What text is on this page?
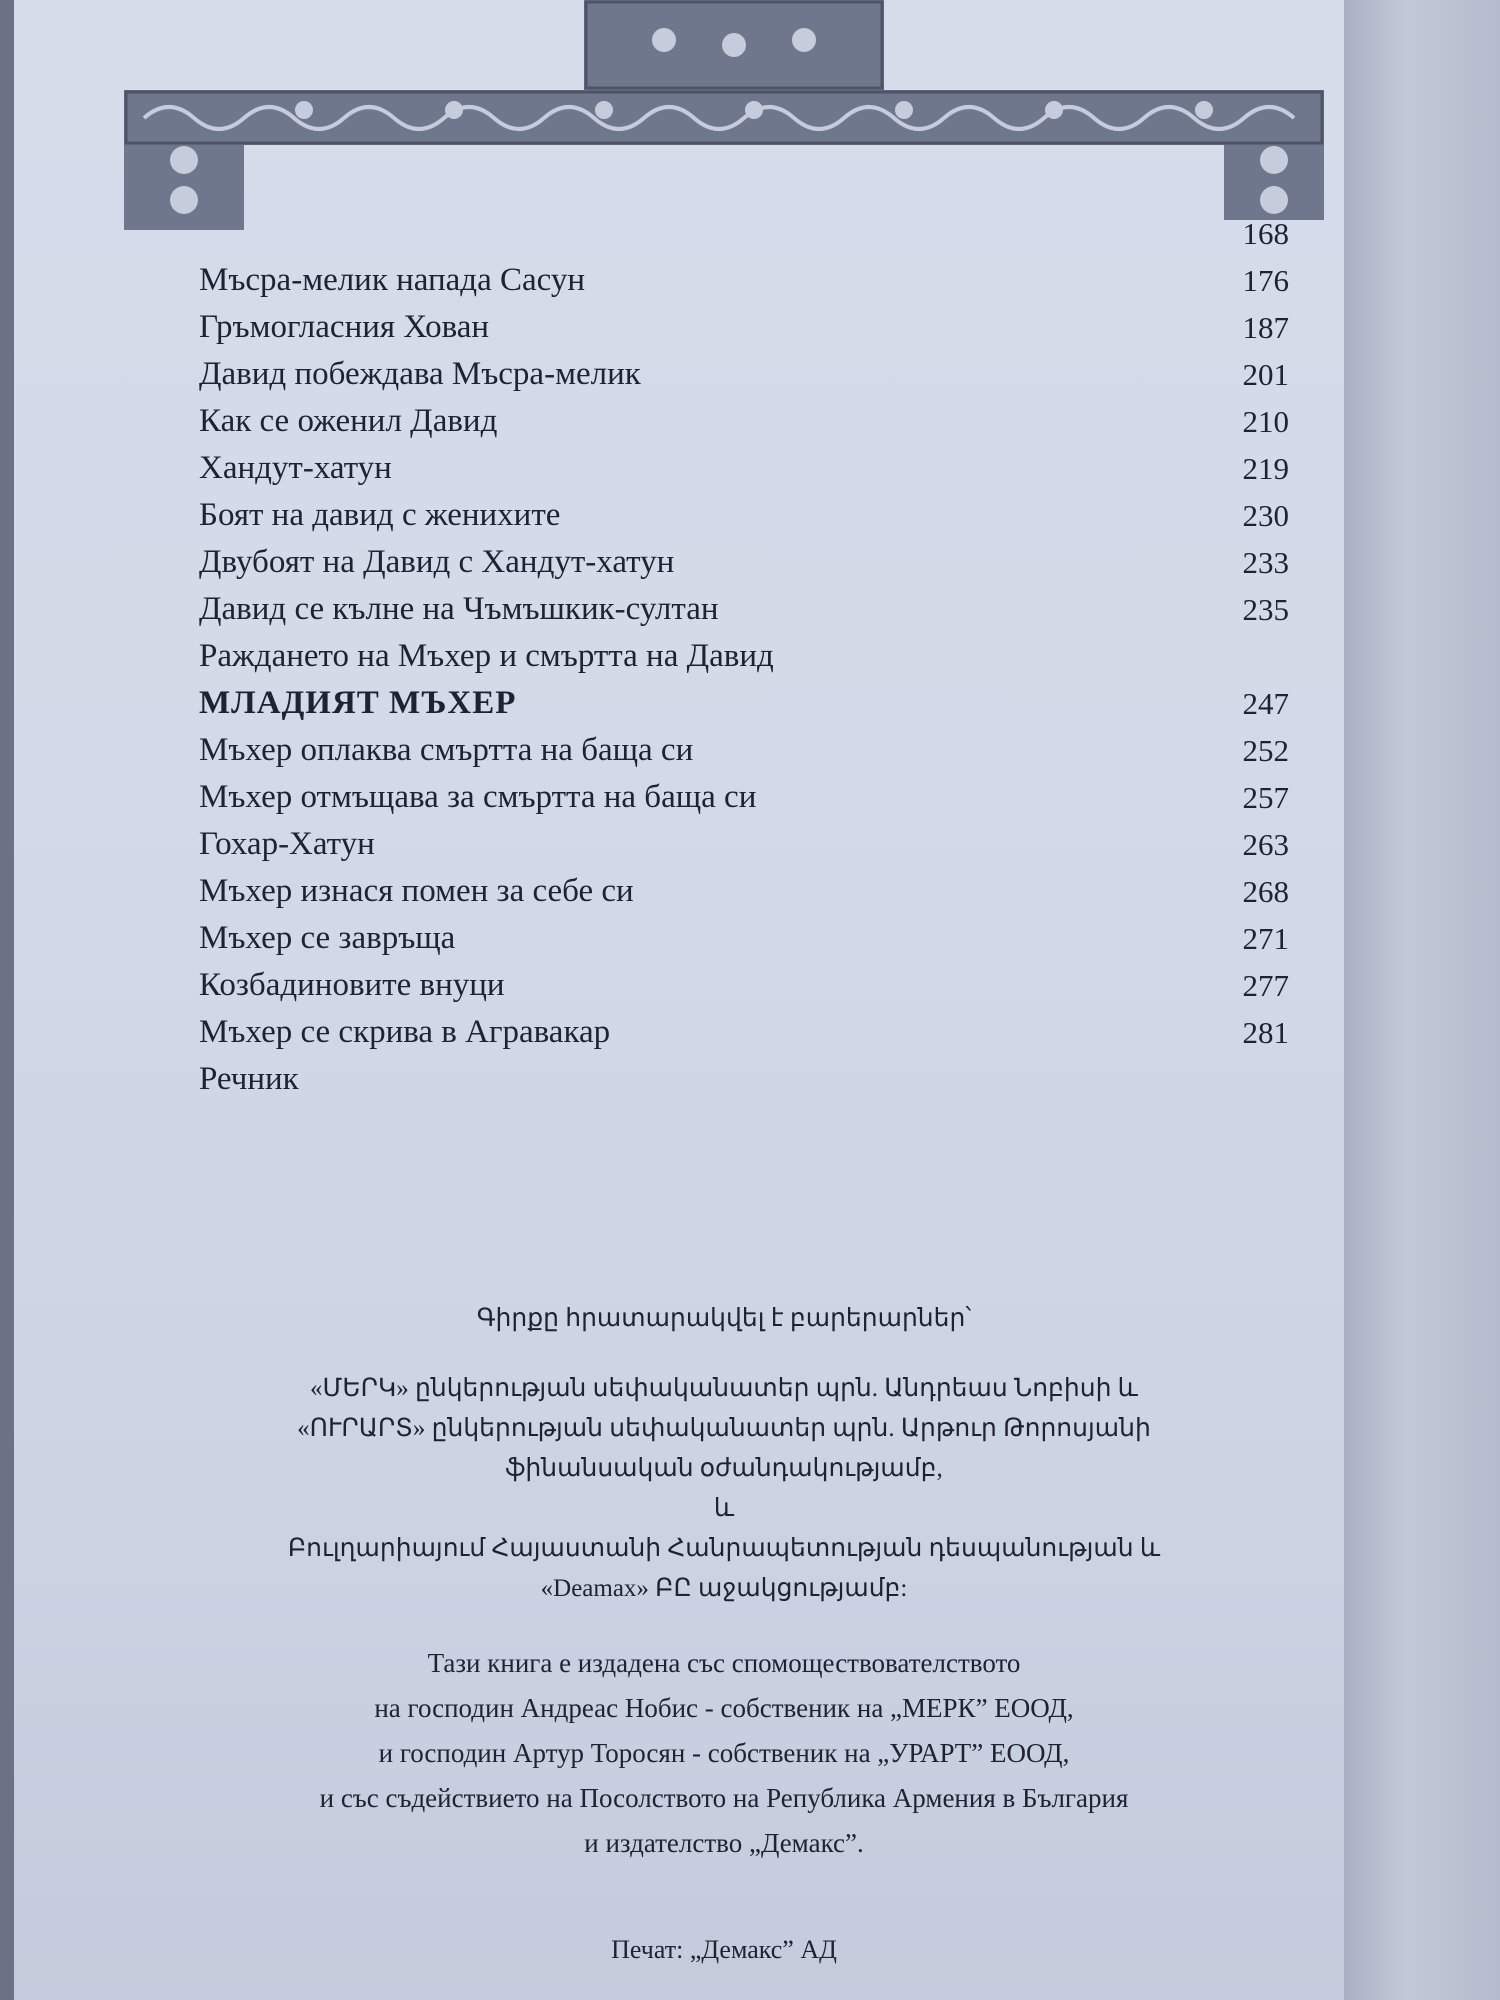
168
Мъсра-мелик напада Сасун	176
Гръмогласния Хован	187
Давид побеждава Мъсра-мелик	201
Как се оженил Давид	210
Хандут-хатун	219
Боят на давид с женихите	230
Двубоят на Давид с Хандут-хатун	233
Давид се кълне на Чъмъшкик-султан	235
Раждането на Мъхер и смъртта на Давид
МЛАДИЯТ МЪХЕР	247
Мъхер оплаква смъртта на баща си	252
Мъхер отмъщава за смъртта на баща си	257
Гохар-Хатун	263
Мъхер изнася помен за себе си	268
Мъхер се завръща	271
Козбадиновите внуци	277
Мъхер се скрива в Агравакар	281
Речник
Գիրքը հրատարակվել է բարերարներ՝
«ՄԵՐԿ» ընկերության սեփականատեր պրն. Անդրեաս Նոբիսի և
«ՈՒՐԱՐՏ» ընկերության սեփականատեր պրն. Արթուր Թորոսյանի
ֆինանսական օժանդակությամբ,
և
Բուլղարիայում Հայաստանի Հանրապետության դեսպանության և
«Deamax» ԲԸ աջակցությամբ:
Тази книга е издадена със спомоществователството
на господин Андреас Нобис - собственик на „МЕРК” ЕООД,
и господин Артур Торосян - собственик на „УРАРТ” ЕООД,
и със съдействието на Посолството на Република Армения в България
и издателство „Демакс”.
Печат: „Демакс” АД
